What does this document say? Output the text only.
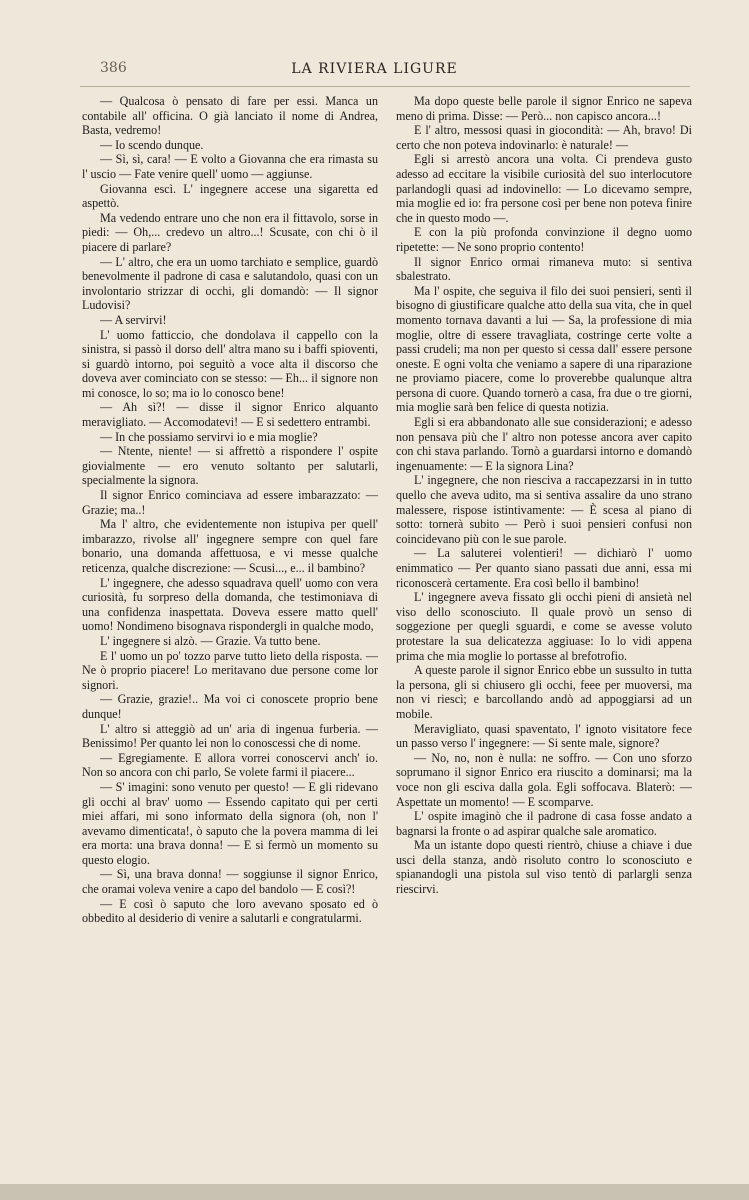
386	LA RIVIERA LIGURE

— Qualcosa ò pensato di fare per essi. Manca un contabile all' officina. O già lanciato il nome di Andrea, Basta, vedremo!

— Io scendo dunque.

— Sì, sì, cara! — E volto a Giovanna che era rimasta su l' uscio — Fate venire quell' uomo — aggiunse.

Giovanna escì. L' ingegnere accese una sigaretta ed aspettò.

Ma vedendo entrare uno che non era il fittavolo, sorse in piedi: — Oh,... credevo un altro...! Scusate, con chi ò il piacere di parlare?

— L' altro, che era un uomo tarchiato e semplice, guardò benevolmente il padrone di casa e salutandolo, quasi con un involontario strizzar di occhi, gli domandò: — Il signor Ludovisi?

— A servirvi!

L' uomo fatticcio, che dondolava il cappello con la sinistra, si passò il dorso dell' altra mano su i baffi spioventi, si guardò intorno, poi seguitò a voce alta il discorso che doveva aver cominciato con se stesso: — Eh... il signore non mi conosce, lo so; ma io lo conosco bene!

— Ah sì?! — disse il signor Enrico alquanto meravigliato. — Accomodatevi! — E si sedettero entrambi.

— In che possiamo servirvi io e mia moglie?

— Ntente, niente! — si affrettò a rispondere l' ospite giovialmente — ero venuto soltanto per salutarli, specialmente la signora.

Il signor Enrico cominciava ad essere imbarazzato: — Grazie; ma..!

Ma l' altro, che evidentemente non istupiva per quell' imbarazzo, rivolse all' ingegnere sempre con quel fare bonario, una domanda affettuosa, e vi messe qualche reticenza, qualche discrezione: — Scusi..., e... il bambino?

L' ingegnere, che adesso squadrava quell' uomo con vera curiosità, fu sorpreso della domanda, che testimoniava di una confidenza inaspettata. Doveva essere matto quell' uomo! Nondimeno bisognava rispondergli in qualche modo,

L' ingegnere si alzò. — Grazie. Va tutto bene.

E l' uomo un po' tozzo parve tutto lieto della risposta. — Ne ò proprio piacere! Lo meritavano due persone come lor signori.

— Grazie, grazie!.. Ma voi ci conoscete proprio bene dunque!

L' altro si atteggiò ad un' aria di ingenua furberia. — Benissimo! Per quanto lei non lo conoscessi che di nome.

— Egregiamente. E allora vorrei conoscervi anch' io. Non so ancora con chi parlo, Se volete farmi il piacere...

— S' imagini: sono venuto per questo! — E gli ridevano gli occhi al brav' uomo — Essendo capitato qui per certi miei affari, mi sono informato della signora (oh, non l' avevamo dimenticata!, ò saputo che la povera mamma di lei era morta: una brava donna! — E si fermò un momento su questo elogio.

— Sì, una brava donna! — soggiunse il signor Enrico, che oramai voleva venire a capo del bandolo — E così?!

— E così ò saputo che loro avevano sposato ed ò obbedito al desiderio di venire a salutarli e congratularmi.

Ma dopo queste belle parole il signor Enrico ne sapeva meno di prima. Disse: — Però... non capisco ancora...!

E l' altro, messosi quasi in giocondità: — Ah, bravo! Di certo che non poteva indovinarlo: è naturale! —

Egli si arrestò ancora una volta. Ci prendeva gusto adesso ad eccitare la visibile curiosità del suo interlocutore parlandogli quasi ad indovinello: — Lo dicevamo sempre, mia moglie ed io: fra persone così per bene non poteva finire che in questo modo —.

E con la più profonda convinzione il degno uomo ripetette: — Ne sono proprio contento!

Il signor Enrico ormai rimaneva muto: si sentiva sbalestrato.

Ma l' ospite, che seguiva il filo dei suoi pensieri, sentì il bisogno di giustificare qualche atto della sua vita, che in quel momento tornava davanti a lui — Sa, la professione di mia moglie, oltre di essere travagliata, costringe certe volte a passi crudeli; ma non per questo si cessa dall' essere persone oneste. E ogni volta che veniamo a sapere di una riparazione ne proviamo piacere, come lo proverebbe qualunque altra persona di cuore. Quando tornerò a casa, fra due o tre giorni, mia moglie sarà ben felice di questa notizia.

Egli si era abbandonato alle sue considerazioni; e adesso non pensava più che l' altro non potesse ancora aver capito con chi stava parlando. Tornò a guardarsi intorno e domandò ingenuamente: — E la signora Lina?

L' ingegnere, che non riesciva a raccapezzarsi in in tutto quello che aveva udito, ma si sentiva assalire da uno strano malessere, rispose istintivamente: — È scesa al piano di sotto: tornerà subito — Però i suoi pensieri confusi non coincidevano più con le sue parole.

— La saluterei volentieri! — dichiarò l' uomo enimmatico — Per quanto siano passati due anni, essa mi riconoscerà certamente. Era così bello il bambino!

L' ingegnere aveva fissato gli occhi pieni di ansietà nel viso dello sconosciuto. Il quale provò un senso di soggezione per quegli sguardi, e come se avesse voluto protestare la sua delicatezza aggiuase: Io lo vidi appena prima che mia moglie lo portasse al brefotrofio.

A queste parole il signor Enrico ebbe un sussulto in tutta la persona, gli si chiusero gli occhi, feee per muoversi, ma non vi riescì; e barcollando andò ad appoggiarsi ad un mobile.

Meravigliato, quasi spaventato, l' ignoto visitatore fece un passo verso l' ingegnere: — Si sente male, signore?

— No, no, non è nulla: ne soffro. — Con uno sforzo soprumano il signor Enrico era riuscito a dominarsi; ma la voce non gli esciva dalla gola. Egli soffocava. Blaterò: — Aspettate un momento! — E scomparve.

L' ospite imaginò che il padrone di casa fosse andato a bagnarsi la fronte o ad aspirar qualche sale aromatico.

Ma un istante dopo questi rientrò, chiuse a chiave i due usci della stanza, andò risoluto contro lo sconosciuto e spianandogli una pistola sul viso tentò di parlargli senza riescirvi.
